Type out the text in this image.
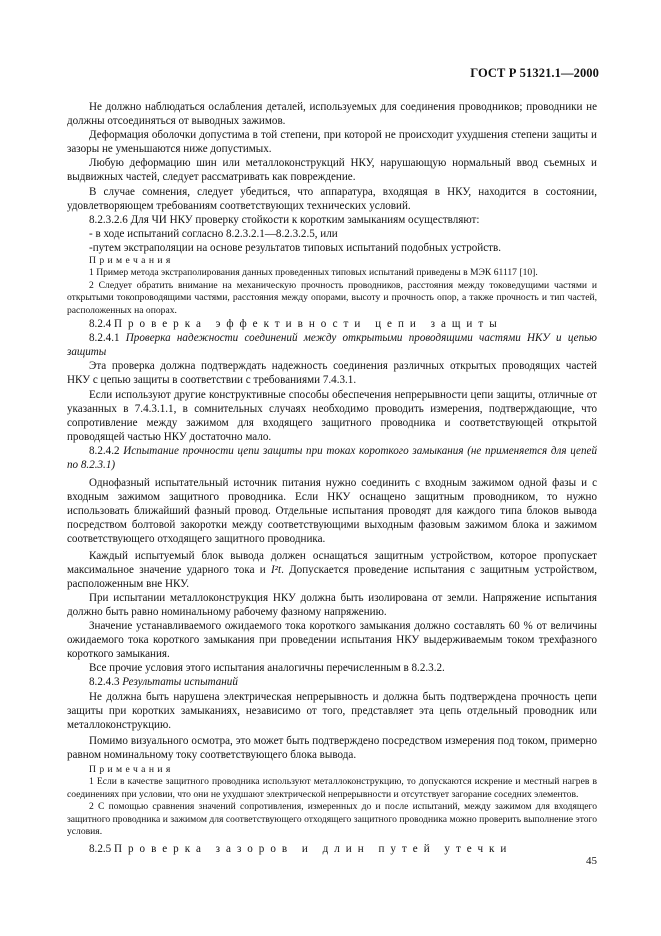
ГОСТ Р 51321.1—2000

Не должно наблюдаться ослабления деталей, используемых для соединения проводников; проводники не должны отсоединяться от выводных зажимов.

Деформация оболочки допустима в той степени, при которой не происходит ухудшения степени защиты и зазоры не уменьшаются ниже допустимых.

Любую деформацию шин или металлоконструкций НКУ, нарушающую нормальный ввод съемных и выдвижных частей, следует рассматривать как повреждение.

В случае сомнения, следует убедиться, что аппаратура, входящая в НКУ, находится в состоянии, удовлетворяющем требованиям соответствующих технических условий.

8.2.3.2.6 Для ЧИ НКУ проверку стойкости к коротким замыканиям осуществляют:

- в ходе испытаний согласно 8.2.3.2.1—8.2.3.2.5, или

-путем экстраполяции на основе результатов типовых испытаний подобных устройств.

Примечания

1 Пример метода экстраполирования данных проведенных типовых испытаний приведены в МЭК 61117 [10].

2 Следует обратить внимание на механическую прочность проводников, расстояния между токоведущими частями и открытыми токопроводящими частями, расстояния между опорами, высоту и прочность опор, а также прочность и тип частей, расположенных на опорах.

8.2.4 Проверка эффективности цепи защиты

8.2.4.1 Проверка надежности соединений между открытыми проводящими частями НКУ и цепью защиты

Эта проверка должна подтверждать надежность соединения различных открытых проводящих частей НКУ с цепью защиты в соответствии с требованиями 7.4.3.1.

Если используют другие конструктивные способы обеспечения непрерывности цепи защиты, отличные от указанных в 7.4.3.1.1, в сомнительных случаях необходимо проводить измерения, подтверждающие, что сопротивление между зажимом для входящего защитного проводника и соответствующей открытой проводящей частью НКУ достаточно мало.

8.2.4.2 Испытание прочности цепи защиты при токах короткого замыкания (не применяется для цепей по 8.2.3.1)

Однофазный испытательный источник питания нужно соединить с входным зажимом одной фазы и с входным зажимом защитного проводника. Если НКУ оснащено защитным проводником, то нужно использовать ближайший фазный провод. Отдельные испытания проводят для каждого типа блоков вывода посредством болтовой закоротки между соответствующими выходным фазовым зажимом блока и зажимом соответствующего отходящего защитного проводника.

Каждый испытуемый блок вывода должен оснащаться защитным устройством, которое пропускает максимальное значение ударного тока и I²t. Допускается проведение испытания с защитным устройством, расположенным вне НКУ.

При испытании металлоконструкция НКУ должна быть изолирована от земли. Напряжение испытания должно быть равно номинальному рабочему фазному напряжению.

Значение устанавливаемого ожидаемого тока короткого замыкания должно составлять 60 % от величины ожидаемого тока короткого замыкания при проведении испытания НКУ выдерживаемым током трехфазного короткого замыкания.

Все прочие условия этого испытания аналогичны перечисленным в 8.2.3.2.

8.2.4.3 Результаты испытаний

Не должна быть нарушена электрическая непрерывность и должна быть подтверждена прочность цепи защиты при коротких замыканиях, независимо от того, представляет эта цепь отдельный проводник или металлоконструкцию.

Помимо визуального осмотра, это может быть подтверждено посредством измерения под током, примерно равном номинальному току соответствующего блока вывода.

Примечания

1 Если в качестве защитного проводника используют металлоконструкцию, то допускаются искрение и местный нагрев в соединениях при условии, что они не ухудшают электрической непрерывности и отсутствует загорание соседних элементов.

2 С помощью сравнения значений сопротивления, измеренных до и после испытаний, между зажимом для входящего защитного проводника и зажимом для соответствующего отходящего защитного проводника можно проверить выполнение этого условия.

8.2.5 Проверка зазоров и длин путей утечки

45
